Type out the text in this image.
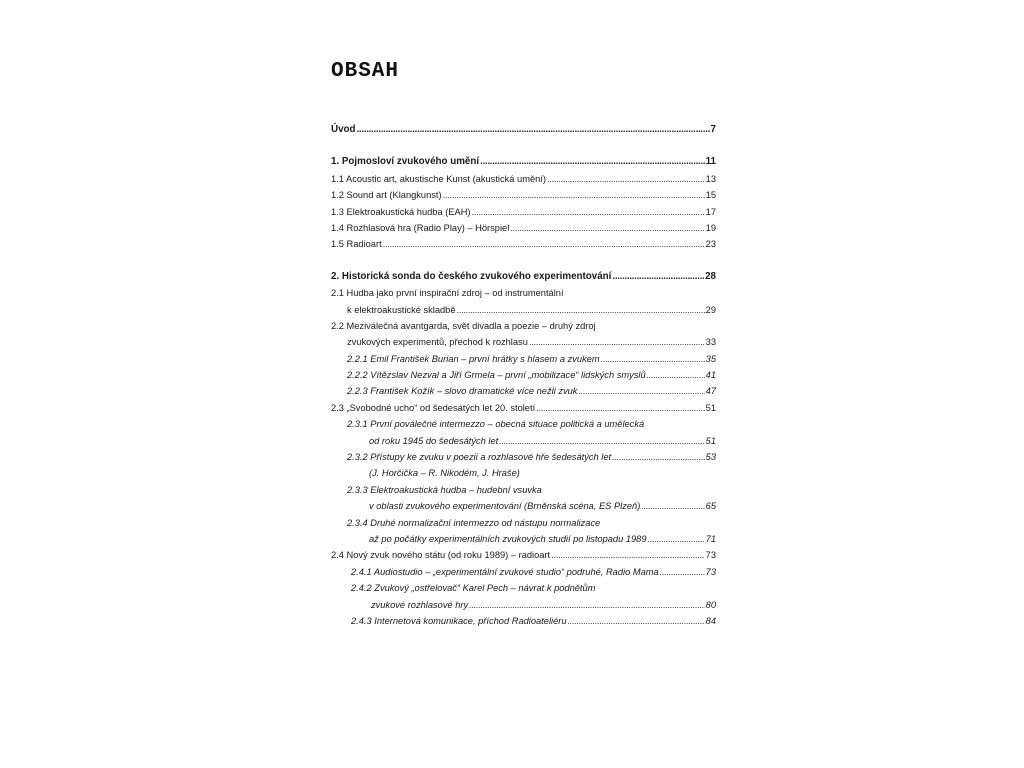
OBSAH
Úvod .....	7
1. Pojmosloví zvukového umění .....	11
1.1 Acoustic art, akustische Kunst (akustická umění) .....	13
1.2 Sound art (Klangkunst) .....	15
1.3 Elektroakustická hudba (EAH) .....	17
1.4 Rozhlasová hra (Radio Play) – Hörspiel .....	19
1.5 Radioart .....	23
2. Historická sonda do českého zvukového experimentování .....	28
2.1 Hudba jako první inspirační zdroj – od instrumentální
k elektroakustické skladbě .....	29
2.2 Meziválečná avantgarda, svět divadla a poezie – druhý zdroj
zvukových experimentů, přechod k rozhlasu .....	33
2.2.1 Emil František Burian – první hrátky s hlasem a zvukem .....	35
2.2.2 Vítězslav Nezval a Jiří Grmela – první „mobilizace“ lidských smyslů .....	41
2.2.3 František Kožík – slovo dramatické více nežli zvuk .....	47
2.3 „Svobodné ucho“ od šedesátých let 20. století .....	51
2.3.1 První poválečné intermezzo – obecná situace politická a umělecká
od roku 1945 do šedesátých let .....	51
2.3.2 Přístupy ke zvuku v poezii a rozhlasové hře šedesátých let .....	53
(J. Horčička – R. Nikodém, J. Hraše)
2.3.3 Elektroakustická hudba – hudební vsuvka
v oblasti zvukového experimentování (Brněnská scéna, ES Plzeň) .....	65
2.3.4 Druhé normalizační intermezzo od nástupu normalizace
až po počátky experimentálních zvukových studií po listopadu 1989 .....	71
2.4 Nový zvuk nového státu (od roku 1989) – radioart .....	73
2.4.1 Audiostudio – „experimentální zvukové studio“ podruhé, Radio Mama .....	73
2.4.2 Zvukový „ostřelovač“ Karel Pech – návrat k podnětům
zvukové rozhlasové hry .....	80
2.4.3 Internetová komunikace, příchod Radioateliéru .....	84
